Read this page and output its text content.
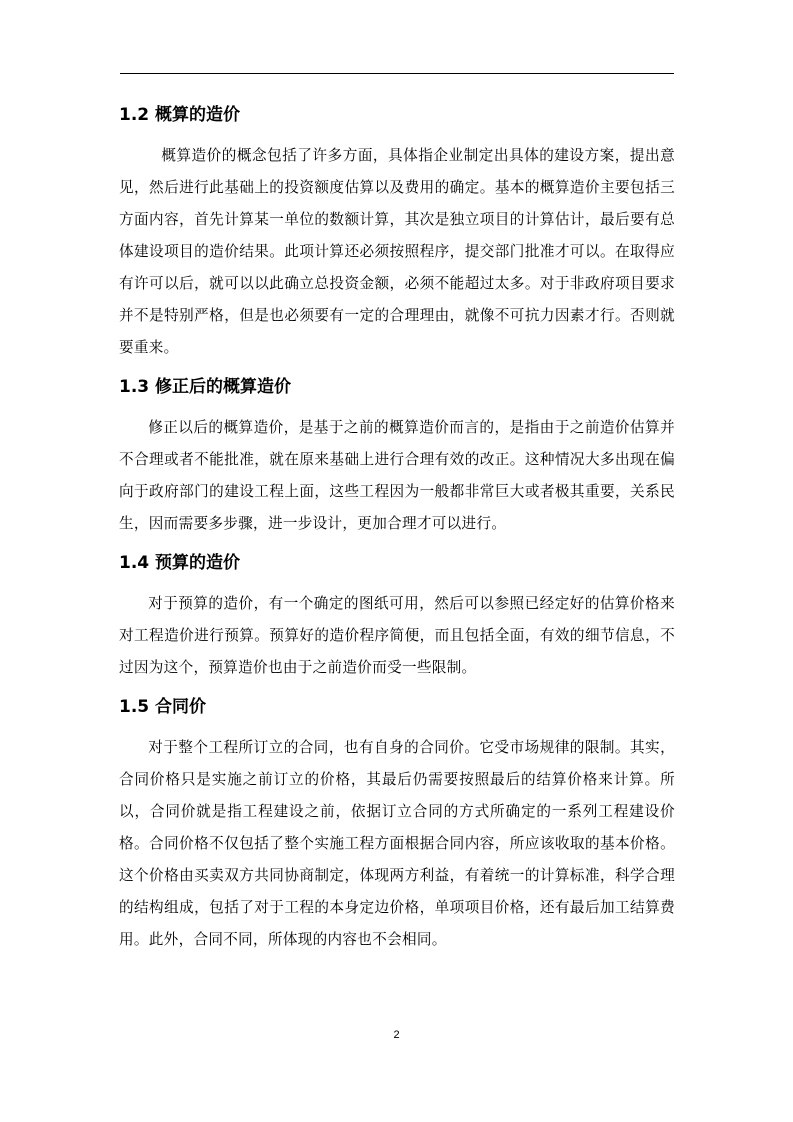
1.2 概算的造价

概算造价的概念包括了许多方面，具体指企业制定出具体的建设方案，提出意见，然后进行此基础上的投资额度估算以及费用的确定。基本的概算造价主要包括三方面内容，首先计算某一单位的数额计算，其次是独立项目的计算估计，最后要有总体建设项目的造价结果。此项计算还必须按照程序，提交部门批准才可以。在取得应有许可以后，就可以以此确立总投资金额，必须不能超过太多。对于非政府项目要求并不是特别严格，但是也必须要有一定的合理理由，就像不可抗力因素才行。否则就要重来。

1.3 修正后的概算造价

修正以后的概算造价，是基于之前的概算造价而言的，是指由于之前造价估算并不合理或者不能批准，就在原来基础上进行合理有效的改正。这种情况大多出现在偏向于政府部门的建设工程上面，这些工程因为一般都非常巨大或者极其重要，关系民生，因而需要多步骤，进一步设计，更加合理才可以进行。

1.4 预算的造价

对于预算的造价，有一个确定的图纸可用，然后可以参照已经定好的估算价格来对工程造价进行预算。预算好的造价程序简便，而且包括全面，有效的细节信息，不过因为这个，预算造价也由于之前造价而受一些限制。

1.5 合同价

对于整个工程所订立的合同，也有自身的合同价。它受市场规律的限制。其实，合同价格只是实施之前订立的价格，其最后仍需要按照最后的结算价格来计算。所以，合同价就是指工程建设之前，依据订立合同的方式所确定的一系列工程建设价格。合同价格不仅包括了整个实施工程方面根据合同内容，所应该收取的基本价格。这个价格由买卖双方共同协商制定，体现两方利益，有着统一的计算标准，科学合理的结构组成，包括了对于工程的本身定边价格，单项项目价格，还有最后加工结算费用。此外，合同不同，所体现的内容也不会相同。

2
